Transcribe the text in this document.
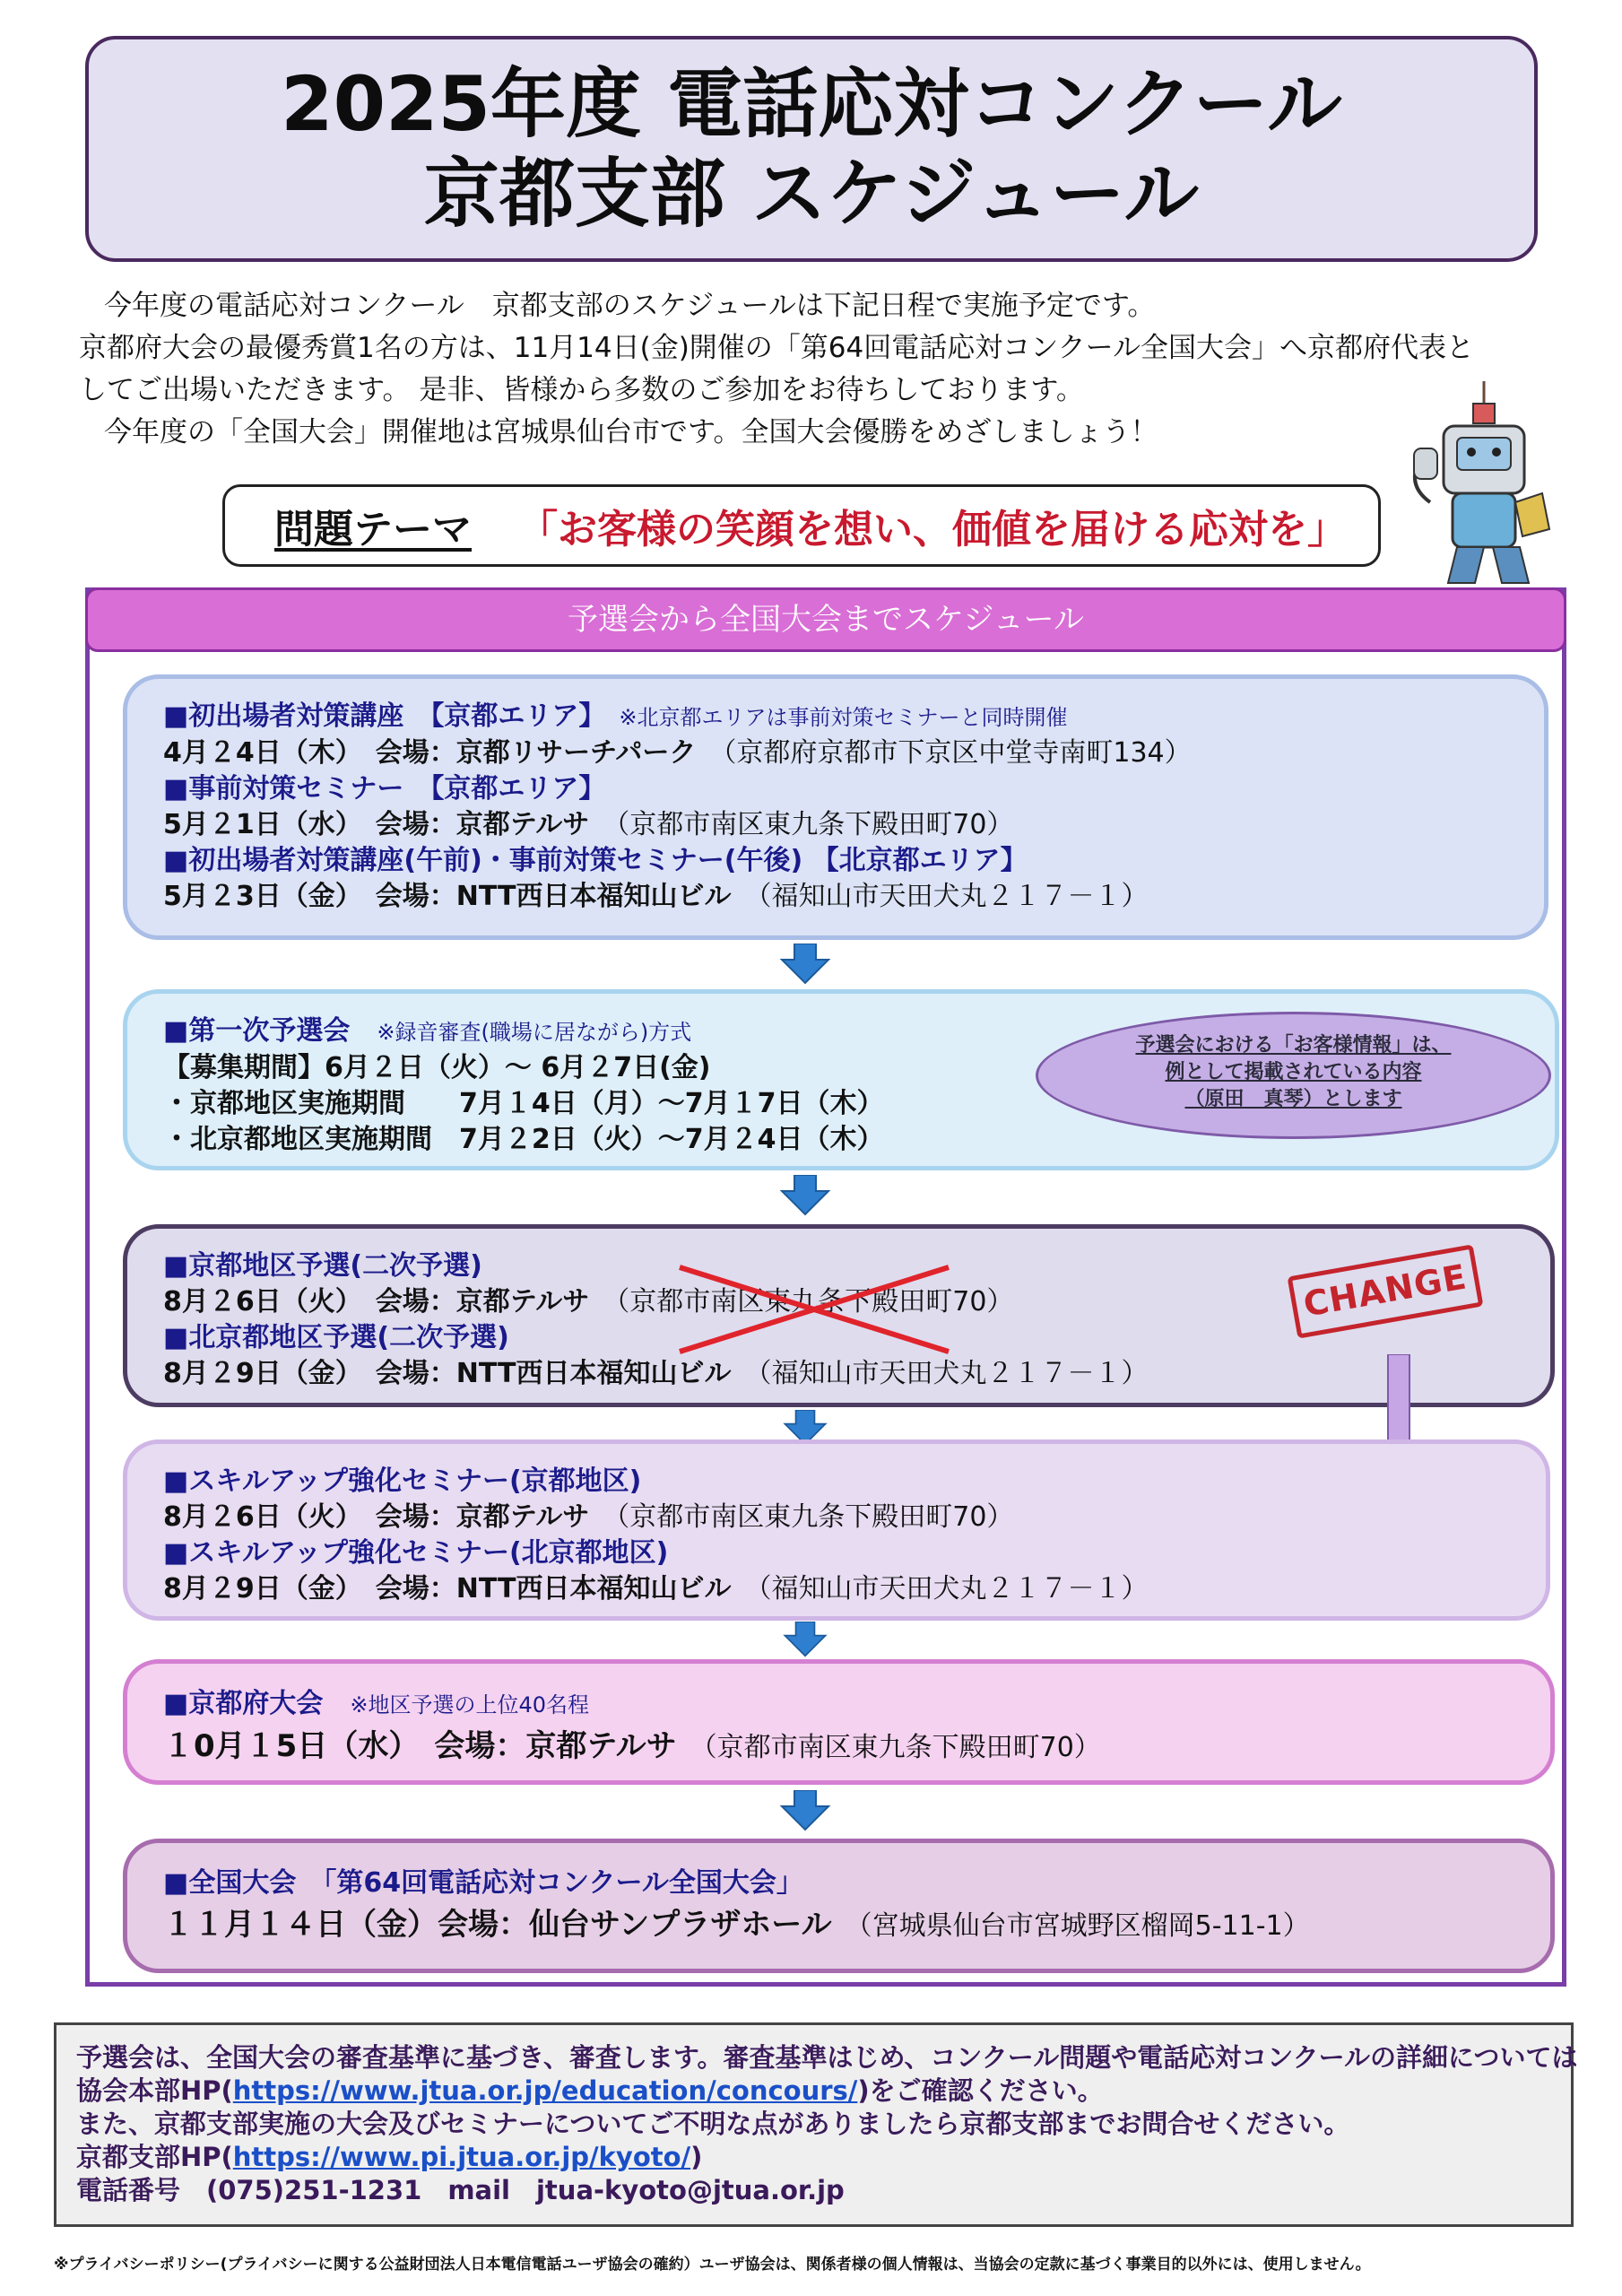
2025年度 電話応対コンクール
京都支部 スケジュール

今年度の電話応対コンクール　京都支部のスケジュールは下記日程で実施予定です。

京都府大会の最優秀賞1名の方は、11月14日(金)開催の「第64回電話応対コンクール全国大会」へ京都府代表と

してご出場いただきます。 是非、皆様から多数のご参加をお待ちしております。

今年度の「全国大会」開催地は宮城県仙台市です。全国大会優勝をめざしましょう！

問題テーマ 「お客様の笑顔を想い、価値を届ける応対を」
予選会から全国大会までスケジュール
■初出場者対策講座　【京都エリア】　 ※北京都エリアは事前対策セミナーと同時開催
4月２4日（木）　会場：京都リサーチパーク　 （京都府京都市下京区中堂寺南町134）
■事前対策セミナー　【京都エリア】
5月２1日（水）　会場：京都テルサ　 （京都市南区東九条下殿田町70）
■初出場者対策講座(午前)・事前対策セミナー(午後) 【北京都エリア】
5月２3日（金）　会場：NTT西日本福知山ビル　 （福知山市天田犬丸２１７－１）
■第一次予選会　 ※録音審査(職場に居ながら)方式
【募集期間】6月２日（火）～ 6月２7日(金)
・京都地区実施期間　　7月１4日（月）～7月１7日（木）
・北京都地区実施期間　7月２2日（火）～7月２4日（木）
予選会における「お客様情報」は、
例として掲載されている内容
（原田　真琴）とします
■京都地区予選(二次予選)
8月２6日（火）　会場：京都テルサ　 （京都市南区東九条下殿田町70）
■北京都地区予選(二次予選)
8月２9日（金）　会場：NTT西日本福知山ビル　 （福知山市天田犬丸２１７－１）
CHANGE
■スキルアップ強化セミナー(京都地区)
8月２6日（火）　会場：京都テルサ　 （京都市南区東九条下殿田町70）
■スキルアップ強化セミナー(北京都地区)
8月２9日（金）　会場：NTT西日本福知山ビル　 （福知山市天田犬丸２１７－１）
■京都府大会　 ※地区予選の上位40名程
１0月１5日（水）　会場：京都テルサ　 （京都市南区東九条下殿田町70）
■全国大会　「第64回電話応対コンクール全国大会」
１１月１４日（金）会場：仙台サンプラザホール　 （宮城県仙台市宮城野区榴岡5-11-1）
予選会は、全国大会の審査基準に基づき、審査します。審査基準はじめ、コンクール問題や電話応対コンクールの詳細については
協会本部HP(https://www.jtua.or.jp/education/concours/)をご確認ください。
また、京都支部実施の大会及びセミナーについてご不明な点がありましたら京都支部までお問合せください。
京都支部HP(https://www.pi.jtua.or.jp/kyoto/)
電話番号　(075)251-1231　mail　jtua-kyoto@jtua.or.jp
※プライバシーポリシー(プライバシーに関する公益財団法人日本電信電話ユーザ協会の確約）ユーザ協会は、関係者様の個人情報は、当協会の定款に基づく事業目的以外には、使用しません。
